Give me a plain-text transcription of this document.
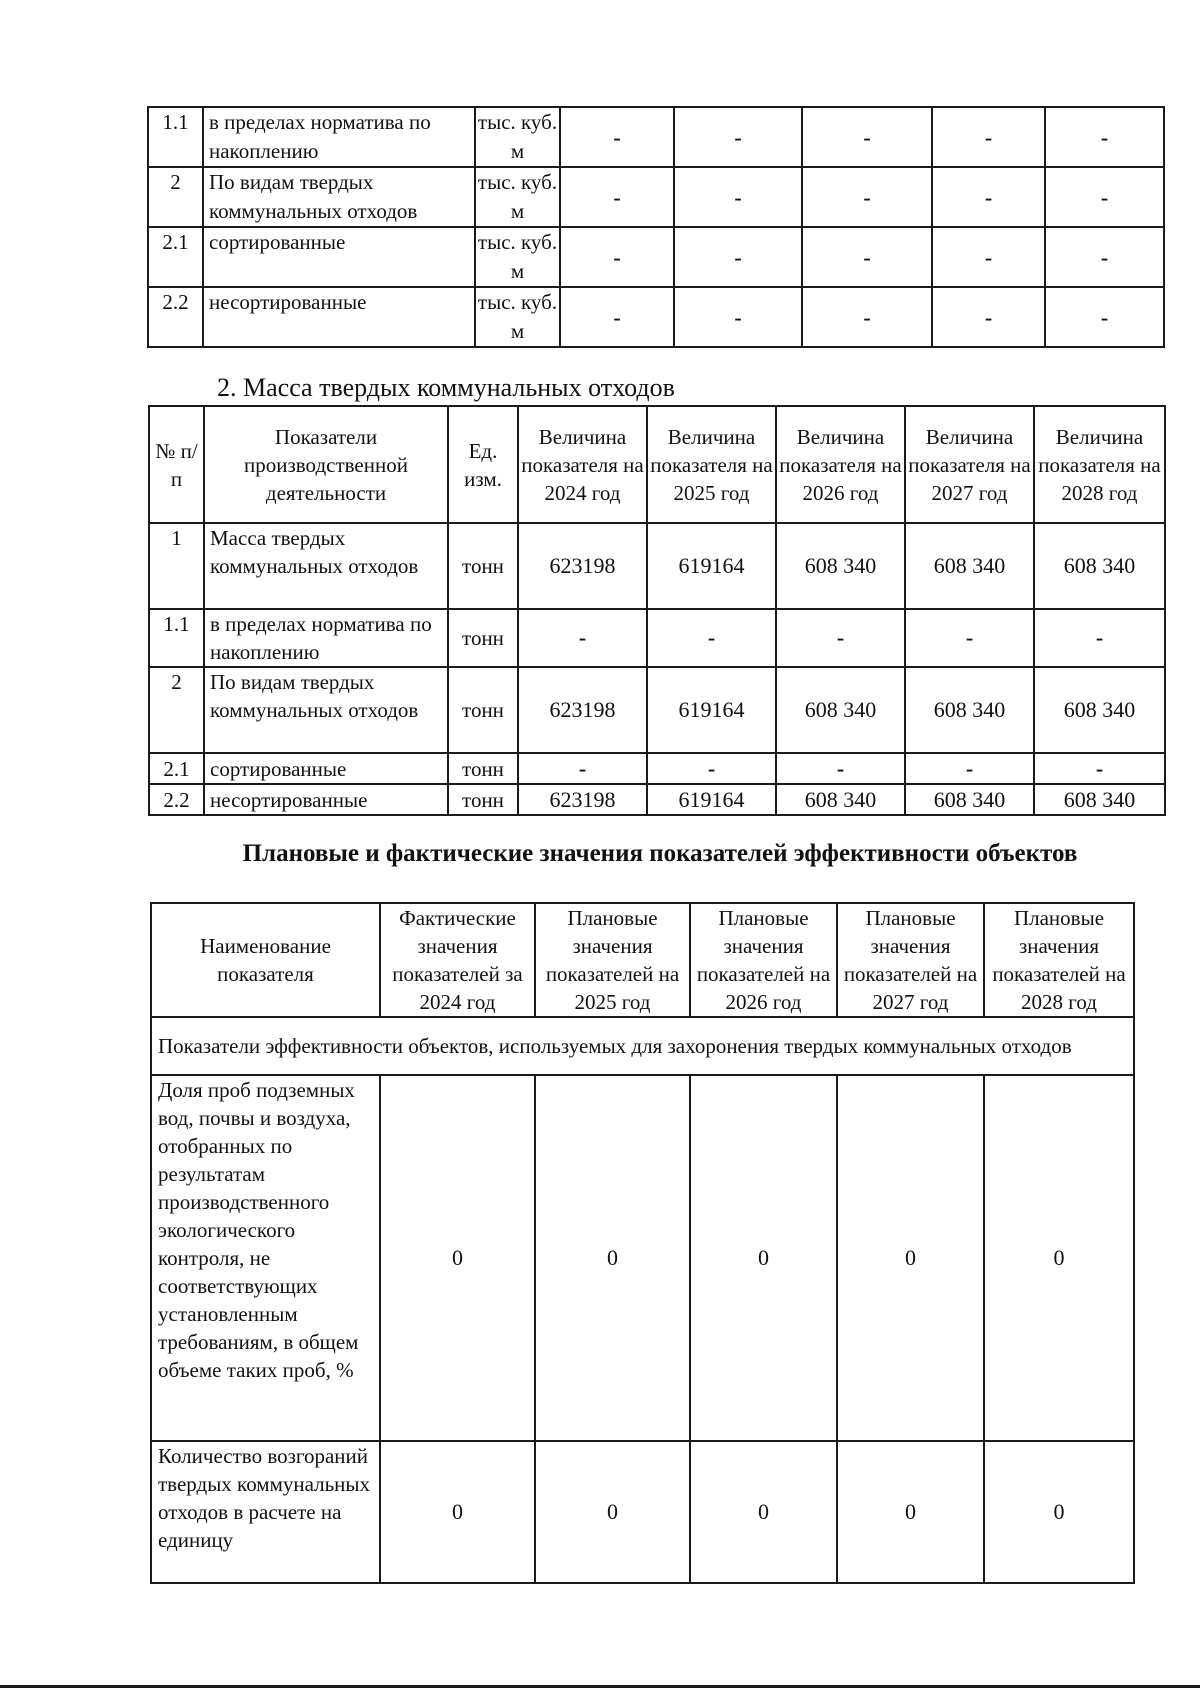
1.1	в пределах норматива по накоплению	тыс. куб. м	-	-	-	-	-
2	По видам твердых коммунальных отходов	тыс. куб. м	-	-	-	-	-
2.1	сортированные	тыс. куб. м	-	-	-	-	-
2.2	несортированные	тыс. куб. м	-	-	-	-	-
2. Масса твердых коммунальных отходов
№ п/п	Показатели производственной деятельности	Ед. изм.	Величина показателя на 2024 год	Величина показателя на 2025 год	Величина показателя на 2026 год	Величина показателя на 2027 год	Величина показателя на 2028 год
1	Масса твердых коммунальных отходов	тонн	623198	619164	608 340	608 340	608 340
1.1	в пределах норматива по накоплению	тонн	-	-	-	-	-
2	По видам твердых коммунальных отходов	тонн	623198	619164	608 340	608 340	608 340
2.1	сортированные	тонн	-	-	-	-	-
2.2	несортированные	тонн	623198	619164	608 340	608 340	608 340
Плановые и фактические значения показателей эффективности объектов
Наименование показателя	Фактические значения показателей за 2024 год	Плановые значения показателей на 2025 год	Плановые значения показателей на 2026 год	Плановые значения показателей на 2027 год	Плановые значения показателей на 2028 год
Показатели эффективности объектов, используемых для захоронения твердых коммунальных отходов					
Доля проб подземных вод, почвы и воздуха, отобранных по результатам производственного экологического контроля, не соответствующих установленным требованиям, в общем объеме таких проб, %	0	0	0	0	0
Количество возгораний твердых коммунальных отходов в расчете на единицу	0	0	0	0	0
